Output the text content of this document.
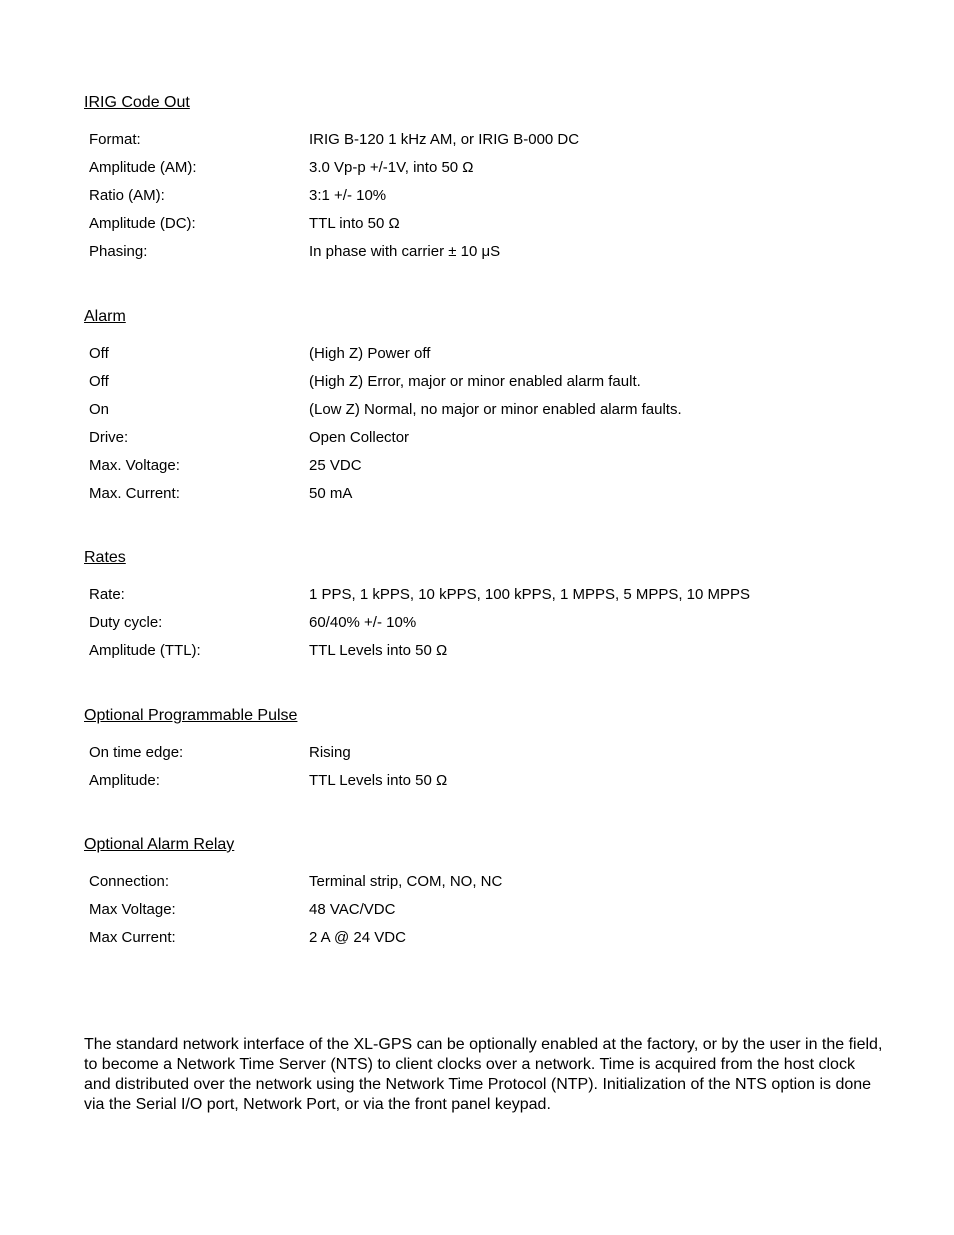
IRIG Code Out
Format:	IRIG B-120 1 kHz AM, or IRIG B-000 DC
Amplitude (AM):	3.0 Vp-p +/-1V, into 50 Ω
Ratio (AM):	3:1 +/- 10%
Amplitude (DC):	TTL into 50 Ω
Phasing:	In phase with carrier ± 10 μS
Alarm
Off	(High Z) Power off
Off	(High Z) Error, major or minor enabled alarm fault.
On	(Low Z) Normal, no major or minor enabled alarm faults.
Drive:	Open Collector
Max. Voltage:	25 VDC
Max. Current:	50 mA
Rates
Rate:	1 PPS, 1 kPPS, 10 kPPS, 100 kPPS, 1 MPPS, 5 MPPS, 10 MPPS
Duty cycle:	60/40% +/- 10%
Amplitude (TTL):	TTL Levels into 50 Ω
Optional Programmable Pulse
On time edge:	Rising
Amplitude:	TTL Levels into 50 Ω
Optional Alarm Relay
Connection:	Terminal strip, COM, NO, NC
Max Voltage:	48 VAC/VDC
Max Current:	2 A @ 24 VDC

The standard network interface of the XL-GPS can be optionally enabled at the factory, or by the user in the field, to become a Network Time Server (NTS) to client clocks over a network. Time is acquired from the host clock and distributed over the network using the Network Time Protocol (NTP). Initialization of the NTS option is done via the Serial I/O port, Network Port, or via the front panel keypad.
